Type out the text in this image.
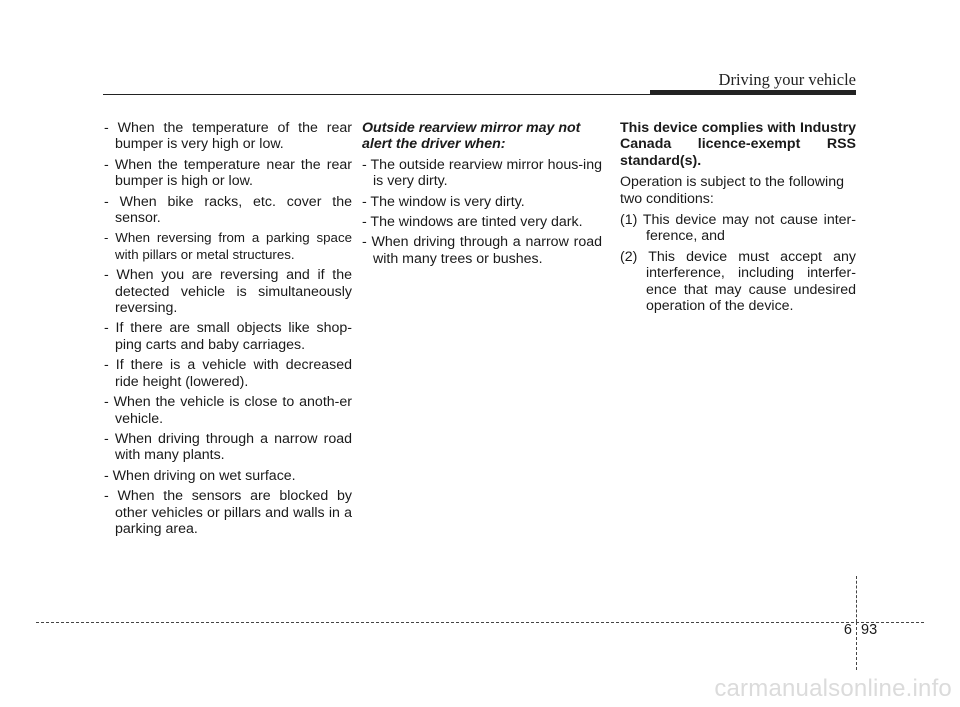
Driving your vehicle

- When the temperature of the rear bumper is very high or low.

- When the temperature near the rear bumper is high or low.

- When bike racks, etc. cover the sensor.

- When reversing from a parking space with pillars or metal structures.

- When you are reversing and if the detected vehicle is simultaneously reversing.

- If there are small objects like shop-ping carts and baby carriages.

- If there is a vehicle with decreased ride height (lowered).

- When the vehicle is close to anoth-er vehicle.

- When driving through a narrow road with many plants.

- When driving on wet surface.

- When the sensors are blocked by other vehicles or pillars and walls in a parking area.

Outside rearview mirror may not alert the driver when:

- The outside rearview mirror hous-ing is very dirty.

- The window is very dirty.

- The windows are tinted very dark.

- When driving through a narrow road with many trees or bushes.

This device complies with Industry Canada licence-exempt RSS standard(s).

Operation is subject to the following two conditions:

(1) This device may not cause inter-ference, and

(2) This device must accept any interference, including interfer-ence that may cause undesired operation of the device.

6 93
carmanualsonline.info
